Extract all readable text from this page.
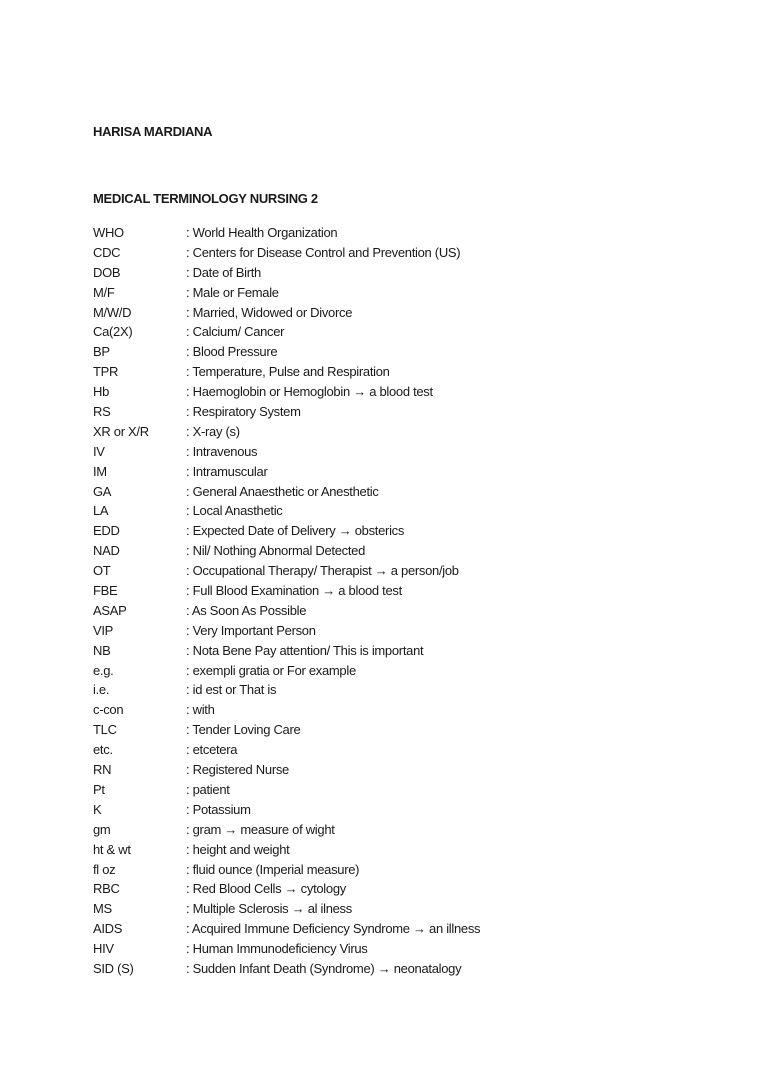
HARISA MARDIANA
MEDICAL TERMINOLOGY NURSING 2
WHO	: World Health Organization
CDC	: Centers for Disease Control and Prevention (US)
DOB	: Date of Birth
M/F	: Male or Female
M/W/D	: Married, Widowed or Divorce
Ca(2X)	: Calcium/ Cancer
BP	: Blood Pressure
TPR	: Temperature, Pulse and Respiration
Hb	: Haemoglobin or Hemoglobin → a blood test
RS	: Respiratory System
XR or X/R	: X-ray (s)
IV	: Intravenous
IM	: Intramuscular
GA	: General Anaesthetic or Anesthetic
LA	: Local Anasthetic
EDD	: Expected Date of Delivery → obsterics
NAD	: Nil/ Nothing Abnormal Detected
OT	: Occupational Therapy/ Therapist → a person/job
FBE	: Full Blood Examination → a blood test
ASAP	: As Soon As Possible
VIP	: Very Important Person
NB	: Nota Bene Pay attention/ This is important
e.g.	: exempli gratia or For example
i.e.	: id est or That is
c-con	: with
TLC	: Tender Loving Care
etc.	: etcetera
RN	: Registered Nurse
Pt	: patient
K	: Potassium
gm	: gram → measure of wight
ht & wt	: height and weight
fl oz	: fluid ounce (Imperial measure)
RBC	: Red Blood Cells → cytology
MS	: Multiple Sclerosis → al ilness
AIDS	: Acquired Immune Deficiency Syndrome → an illness
HIV	: Human Immunodeficiency Virus
SID (S)	: Sudden Infant Death (Syndrome) → neonatalogy
